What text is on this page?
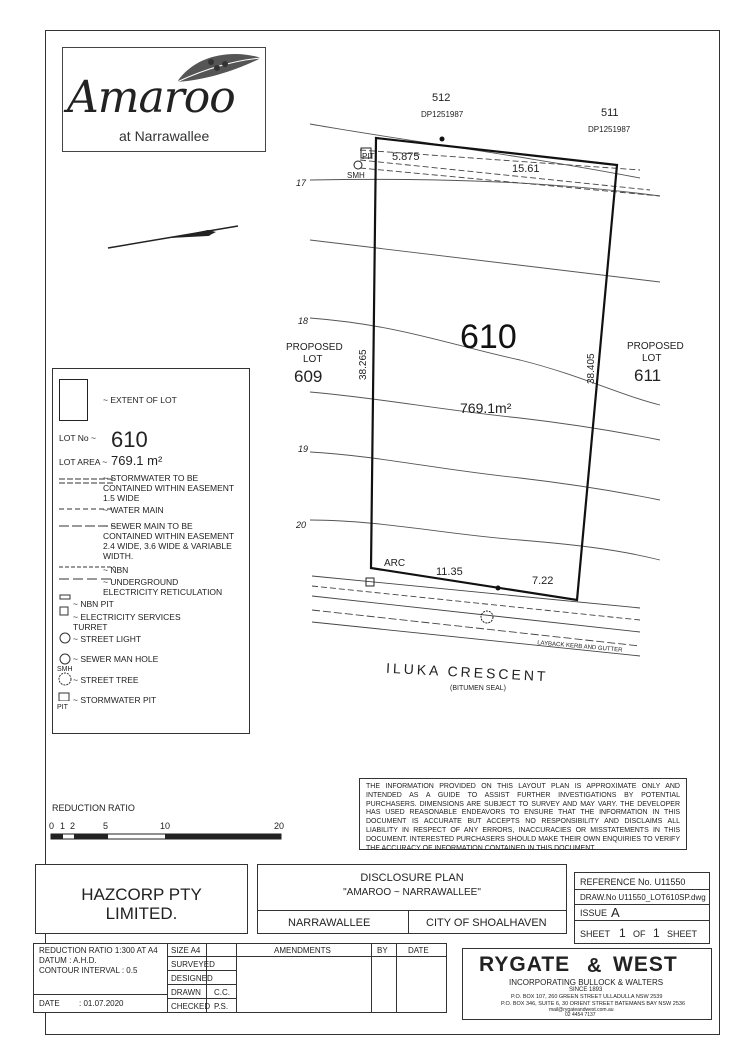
512
DP1251987	511
DP1251987
PIT
SMH
5.875
15.61
17
18
19
20
610
769.1m²
PROPOSED
LOT
609
PROPOSED
LOT
611
38.265	38.405
ARC
11.35
7.22
LAYBACK KERB AND GUTTER
ILUKA CRESCENT
(BITUMEN SEAL)
Amaroo
at Narrawallee
~ EXTENT OF LOT
LOT No ~ 610
LOT AREA ~ 769.1 m²
~ STORMWATER TO BE CONTAINED WITHIN EASEMENT 1.5 WIDE
~ WATER MAIN
~ SEWER MAIN TO BE CONTAINED WITHIN EASEMENT 2.4 WIDE, 3.6 WIDE & VARIABLE WIDTH.
~ NBN
~ UNDERGROUND ELECTRICITY RETICULATION
~ NBN PIT
~ ELECTRICITY SERVICES TURRET
~ STREET LIGHT
~ SEWER MAN HOLE
SMH
~ STREET TREE
~ STORMWATER PIT
PIT
REDUCTION RATIO
0 1 2	5	10	20
THE INFORMATION PROVIDED ON THIS LAYOUT PLAN IS APPROXIMATE ONLY AND INTENDED AS A GUIDE TO ASSIST FURTHER INVESTIGATIONS BY POTENTIAL PURCHASERS. DIMENSIONS ARE SUBJECT TO SURVEY AND MAY VARY. THE DEVELOPER HAS USED REASONABLE ENDEAVORS TO ENSURE THAT THE INFORMATION IN THIS DOCUMENT IS ACCURATE BUT ACCEPTS NO RESPONSIBILITY AND DISCLAIMS ALL LIABILITY IN RESPECT OF ANY ERRORS, INACCURACIES OR MISSTATEMENTS IN THIS DOCUMENT. INTERESTED PURCHASERS SHOULD MAKE THEIR OWN ENQUIRIES TO VERIFY THE ACCURACY OF INFORMATION CONTAINED IN THIS DOCUMENT.
HAZCORP PTY
LIMITED.
DISCLOSURE PLAN
"AMAROO ~ NARRAWALLEE"
NARRAWALLEE	CITY OF SHOALHAVEN
REFERENCE No. U11550
DRAW.No U11550_LOT610SP.dwg
ISSUE A
SHEET 1 OF 1 SHEET
REDUCTION RATIO 1:300 AT A4
DATUM : A.H.D.
CONTOUR INTERVAL : 0.5
DATE : 01.07.2020
SIZE A4
SURVEYED
DESIGNED
DRAWN C.C.
CHECKED P.S.
AMENDMENTS	BY	DATE
RYGATE & WEST
INCORPORATING BULLOCK & WALTERS
SINCE 1893
P.O. BOX 107, 260 GREEN STREET ULLADULLA NSW 2539
P.O. BOX 346, SUITE 6, 30 ORIENT STREET BATEMANS BAY NSW 2536
mail@rygateandwest.com.au
02 4454 7137
